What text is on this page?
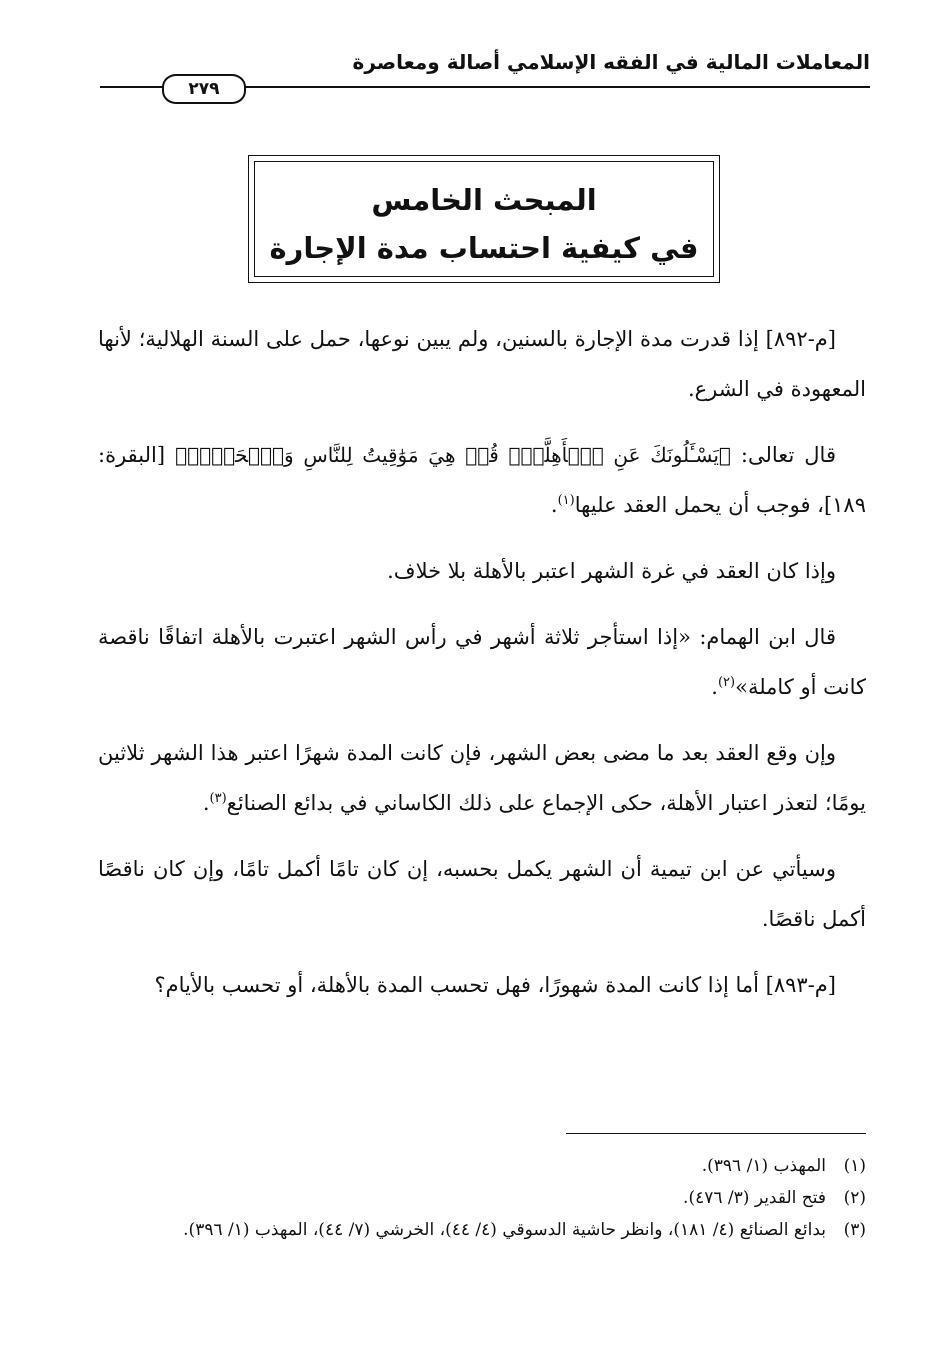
المعاملات المالية في الفقه الإسلامي أصالة ومعاصرة
٢٧٩
المبحث الخامس
في كيفية احتساب مدة الإجارة

[م-٨٩٢] إذا قدرت مدة الإجارة بالسنين، ولم يبين نوعها، حمل على السنة الهلالية؛ لأنها المعهودة في الشرع.

قال تعالى: ﴿يَسْـَٔلُونَكَ عَنِ ٱلۡأَهِلَّةِۖ قُلۡ هِيَ مَوَٰقِيتُ لِلنَّاسِ وَٱلۡحَجِّۗ﴾ [البقرة: ١٨٩]، فوجب أن يحمل العقد عليها$^{(١)}$.

وإذا كان العقد في غرة الشهر اعتبر بالأهلة بلا خلاف.

قال ابن الهمام: «إذا استأجر ثلاثة أشهر في رأس الشهر اعتبرت بالأهلة اتفاقًا ناقصة كانت أو كاملة»$^{(٢)}$.

وإن وقع العقد بعد ما مضى بعض الشهر، فإن كانت المدة شهرًا اعتبر هذا الشهر ثلاثين يومًا؛ لتعذر اعتبار الأهلة، حكى الإجماع على ذلك الكاساني في بدائع الصنائع$^{(٣)}$.

وسيأتي عن ابن تيمية أن الشهر يكمل بحسبه، إن كان تامًا أكمل تامًا، وإن كان ناقصًا أكمل ناقصًا.

[م-٨٩٣] أما إذا كانت المدة شهورًا، فهل تحسب المدة بالأهلة، أو تحسب بالأيام؟

(١)
المهذب (١/ ٣٩٦).
(٢)
فتح القدير (٣/ ٤٧٦).
(٣)
بدائع الصنائع (٤/ ١٨١)، وانظر حاشية الدسوقي (٤/ ٤٤)، الخرشي (٧/ ٤٤)، المهذب (١/ ٣٩٦).
